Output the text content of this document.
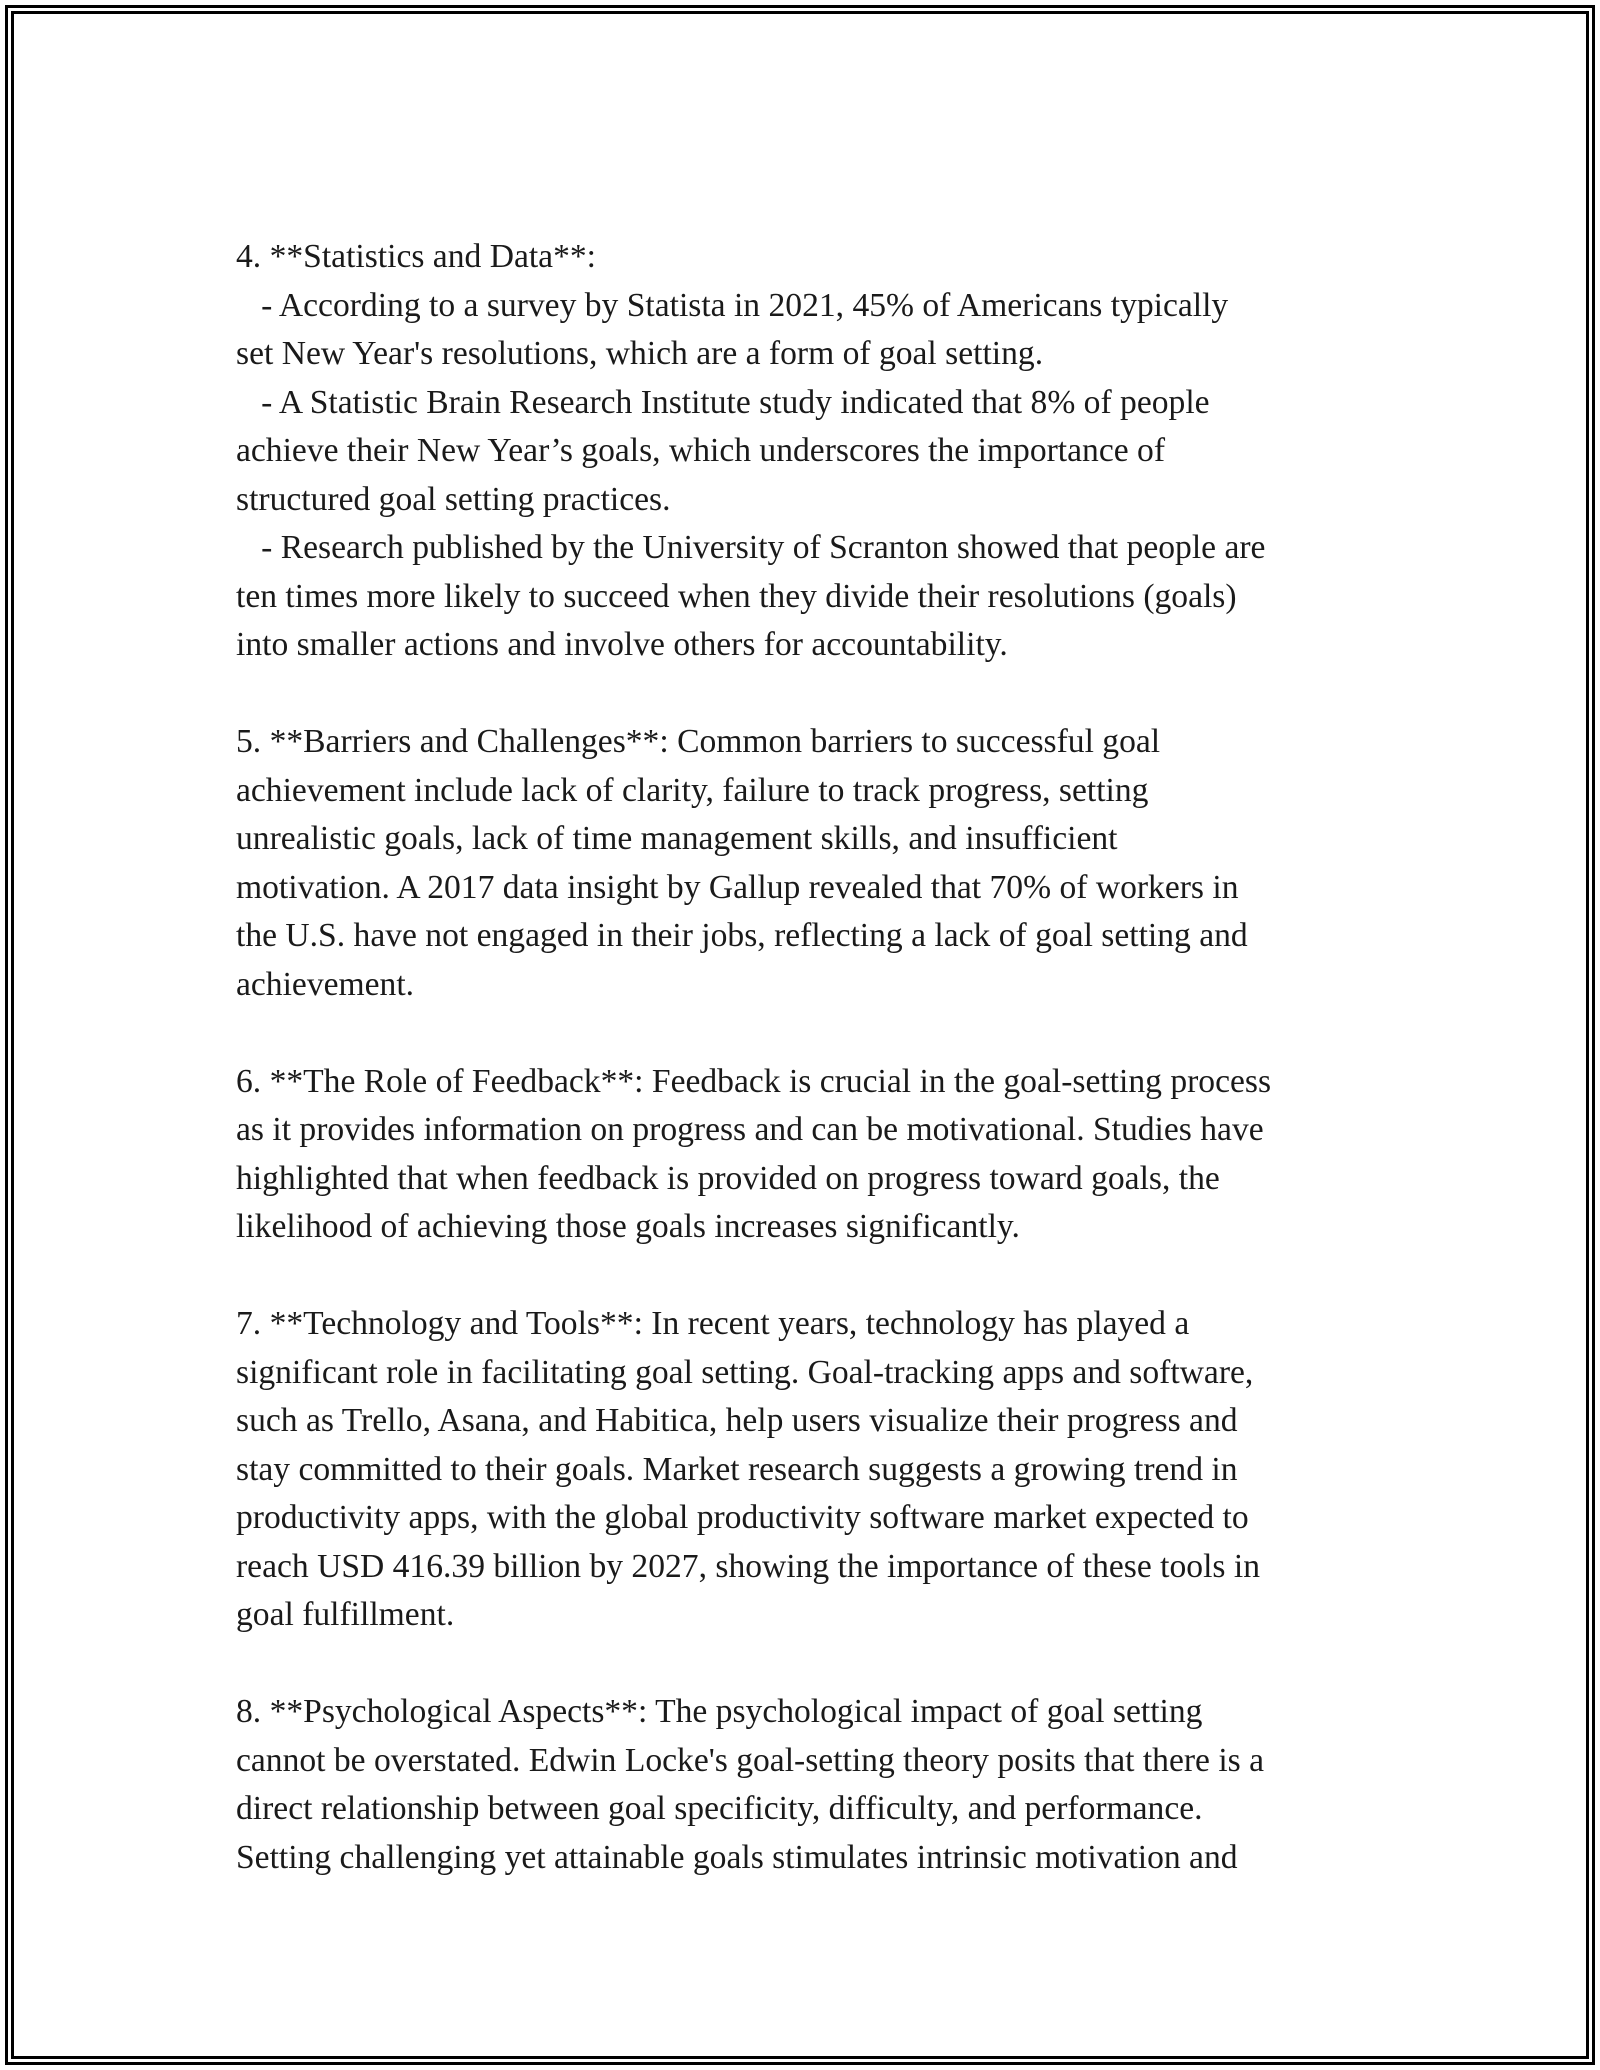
4. **Statistics and Data**:
- According to a survey by Statista in 2021, 45% of Americans typically
set New Year's resolutions, which are a form of goal setting.
- A Statistic Brain Research Institute study indicated that 8% of people
achieve their New Year’s goals, which underscores the importance of
structured goal setting practices.
- Research published by the University of Scranton showed that people are
ten times more likely to succeed when they divide their resolutions (goals)
into smaller actions and involve others for accountability.
5. **Barriers and Challenges**: Common barriers to successful goal
achievement include lack of clarity, failure to track progress, setting
unrealistic goals, lack of time management skills, and insufficient
motivation. A 2017 data insight by Gallup revealed that 70% of workers in
the U.S. have not engaged in their jobs, reflecting a lack of goal setting and
achievement.
6. **The Role of Feedback**: Feedback is crucial in the goal-setting process
as it provides information on progress and can be motivational. Studies have
highlighted that when feedback is provided on progress toward goals, the
likelihood of achieving those goals increases significantly.
7. **Technology and Tools**: In recent years, technology has played a
significant role in facilitating goal setting. Goal-tracking apps and software,
such as Trello, Asana, and Habitica, help users visualize their progress and
stay committed to their goals. Market research suggests a growing trend in
productivity apps, with the global productivity software market expected to
reach USD 416.39 billion by 2027, showing the importance of these tools in
goal fulfillment.
8. **Psychological Aspects**: The psychological impact of goal setting
cannot be overstated. Edwin Locke's goal-setting theory posits that there is a
direct relationship between goal specificity, difficulty, and performance.
Setting challenging yet attainable goals stimulates intrinsic motivation and
